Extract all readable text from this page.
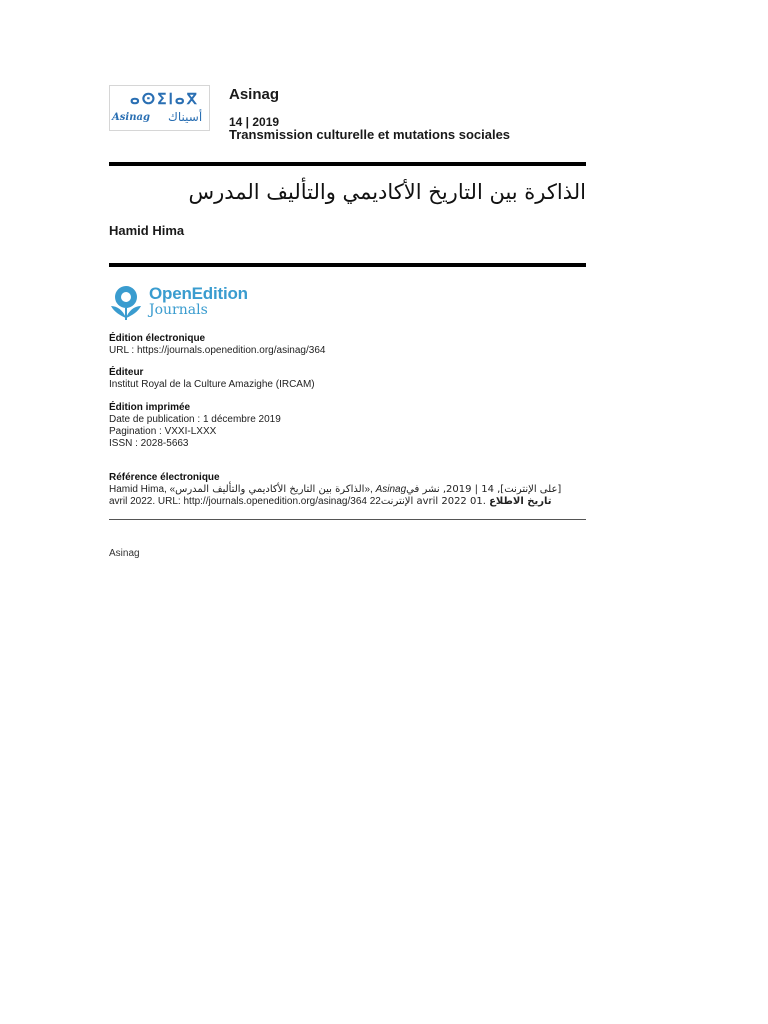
ⴰⵙⵉⵏⴰⴳ
Asinag أسيناك
Asinag
14 | 2019
Transmission culturelle et mutations sociales
الذاكرة بين التاريخ الأكاديمي والتأليف المدرس
Hamid Hima
OpenEdition
Journals
Édition électronique
URL : https://journals.openedition.org/asinag/364
Éditeur
Institut Royal de la Culture Amazighe (IRCAM)
Édition imprimée
Date de publication : 1 décembre 2019
Pagination : VXXI-LXXX
ISSN : 2028-5663
Référence électronique
Hamid Hima, «الذاكرة بين التاريخ الأكاديمي والتأليف المدرس», Asinag [على الإنترنت], 14 | 2019, نشر في
avril 2022. URL: http://journals.openedition.org/asinag/364 22	تاريخ الاطلاع .avril 2022 01 الإنترنت
Asinag
